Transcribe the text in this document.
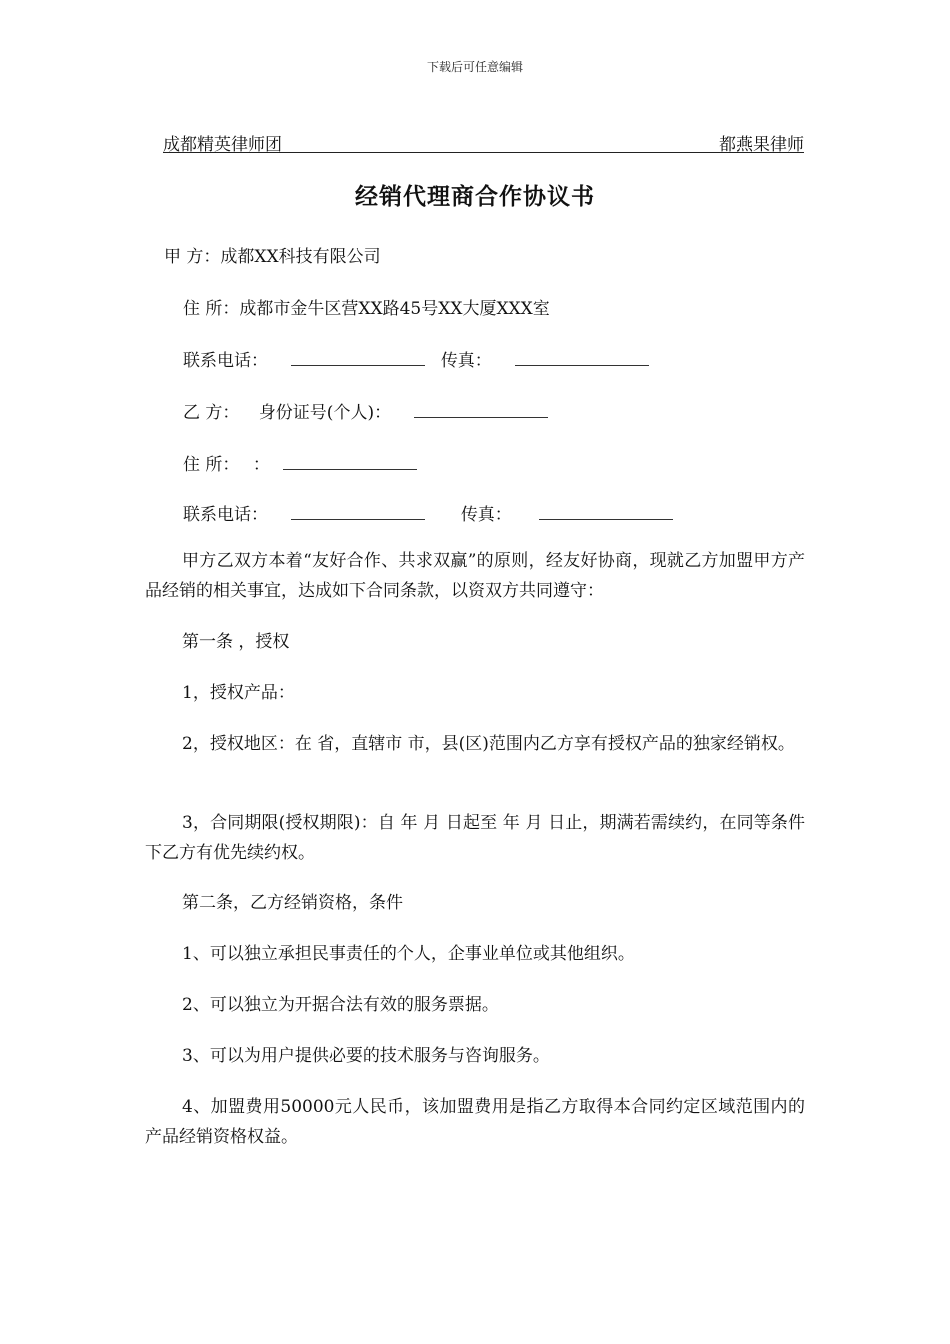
下载后可任意编辑
成都精英律师团	都燕果律师
经销代理商合作协议书
甲 方：成都XX科技有限公司
住 所：成都市金牛区营XX路45号XX大厦XXX室
联系电话：	传真：
乙 方： 身份证号(个人)：
住 所： ：
联系电话：	传真：
甲方乙双方本着“友好合作、共求双赢”的原则，经友好协商，现就乙方加盟甲方产品经销的相关事宜，达成如下合同条款，以资双方共同遵守：
第一条 ，授权
1，授权产品：
2，授权地区：在 省，直辖市 市，县(区)范围内乙方享有授权产品的独家经销权。
3，合同期限(授权期限)：自 年 月 日起至 年 月 日止，期满若需续约，在同等条件下乙方有优先续约权。
第二条，乙方经销资格，条件
1、可以独立承担民事责任的个人，企事业单位或其他组织。
2、可以独立为开据合法有效的服务票据。
3、可以为用户提供必要的技术服务与咨询服务。
4、加盟费用50000元人民币，该加盟费用是指乙方取得本合同约定区域范围内的产品经销资格权益。
